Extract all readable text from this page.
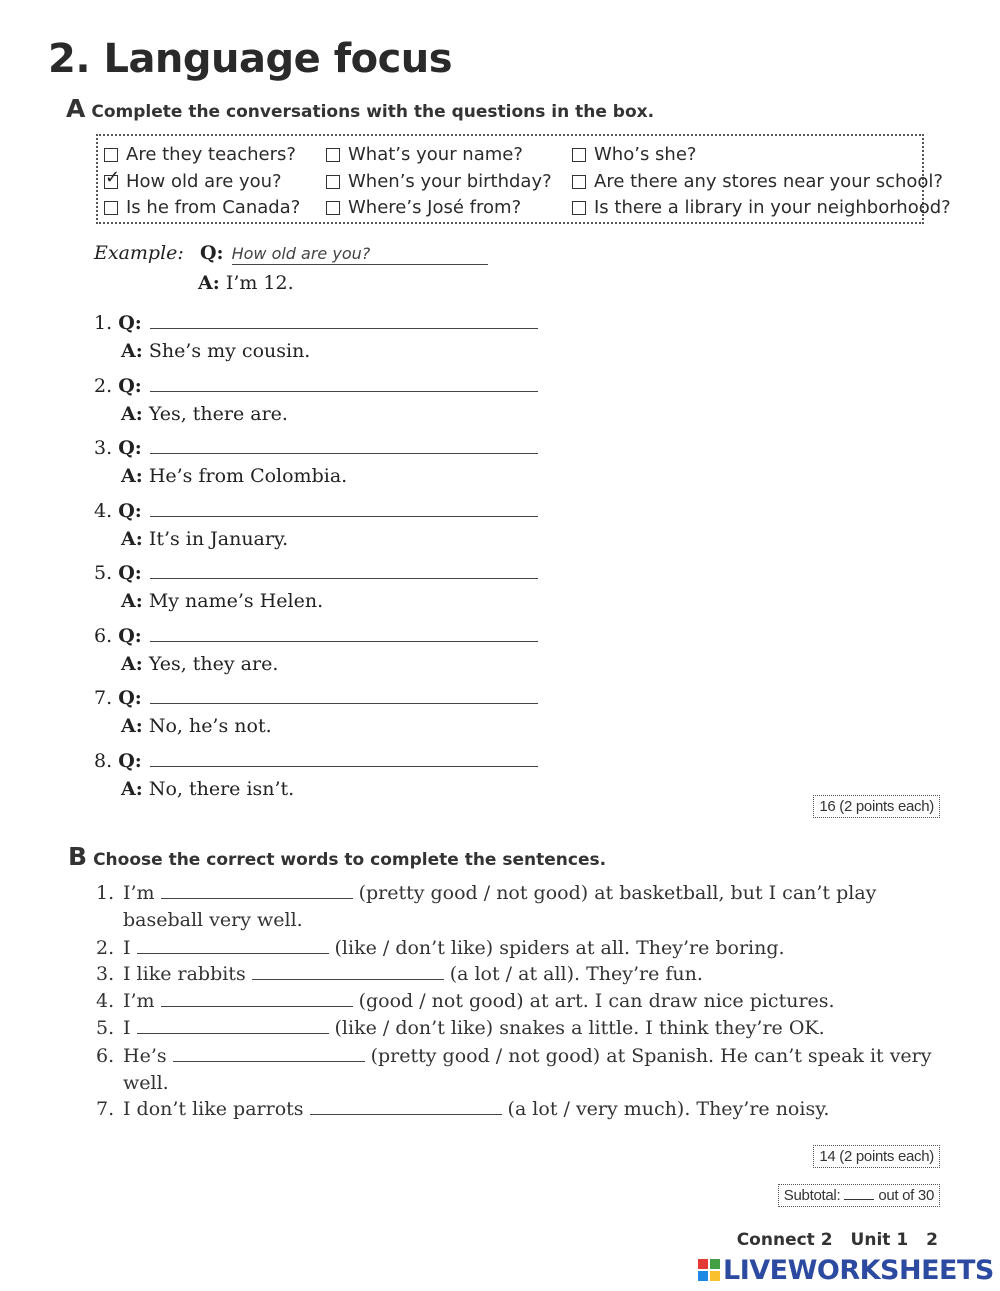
2. Language focus
A Complete the conversations with the questions in the box.
Are they teachers?
✓ How old are you?
Is he from Canada?
What’s your name?
When’s your birthday?
Where’s José from?
Who’s she?
Are there any stores near your school?
Is there a library in your neighborhood?
Example: Q: How old are you?
A: I’m 12.
1. Q:
A: She’s my cousin.
2. Q:
A: Yes, there are.
3. Q:
A: He’s from Colombia.
4. Q:
A: It’s in January.
5. Q:
A: My name’s Helen.
6. Q:
A: Yes, they are.
7. Q:
A: No, he’s not.
8. Q:
A: No, there isn’t.
16 (2 points each)
B Choose the correct words to complete the sentences.
1. I’m	(pretty good / not good) at basketball, but I can’t play
baseball very well.
2. I	(like / don’t like) spiders at all. They’re boring.
3. I like rabbits	(a lot / at all). They’re fun.
4. I’m	(good / not good) at art. I can draw nice pictures.
5. I	(like / don’t like) snakes a little. I think they’re OK.
6. He’s	(pretty good / not good) at Spanish. He can’t speak it very
well.
7. I don’t like parrots	(a lot / very much). They’re noisy.
14 (2 points each)
Subtotal:	out of 30
Connect 2 Unit 1 2
LIVEWORKSHEETS
